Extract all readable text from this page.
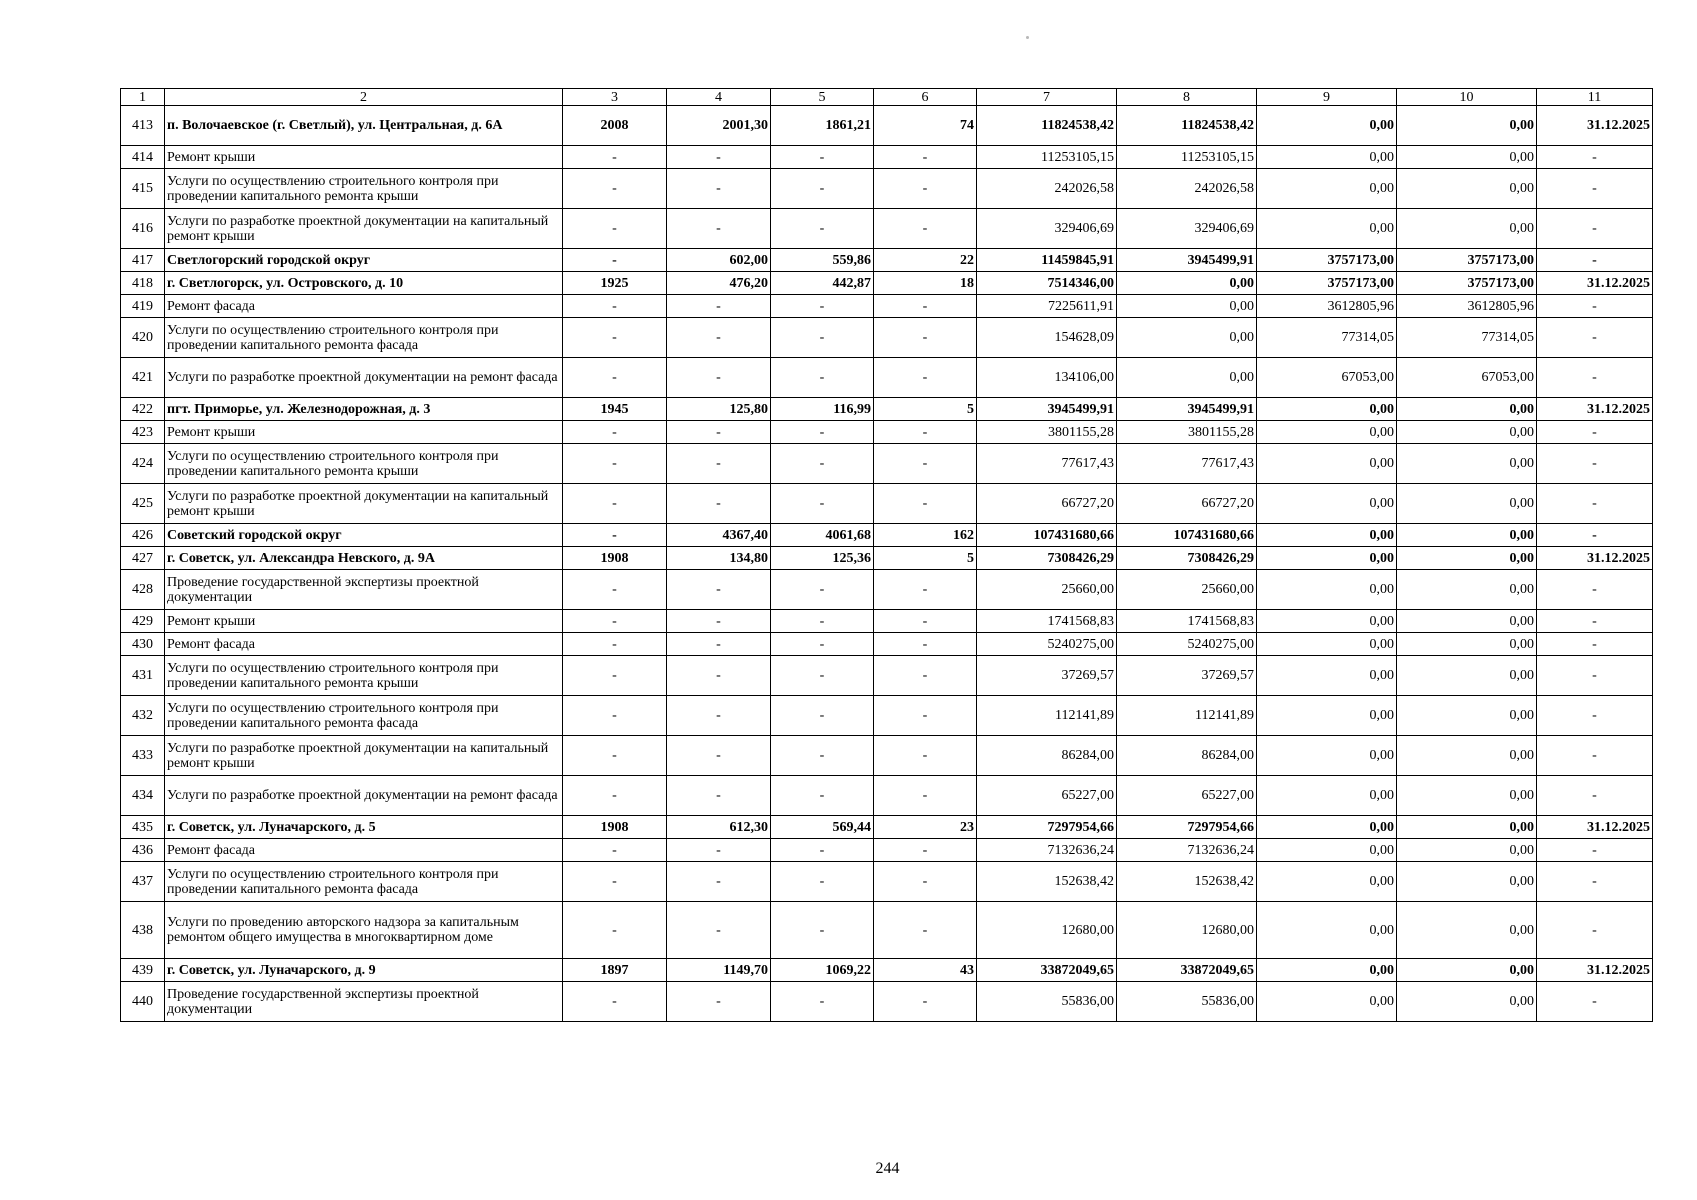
1	2	3	4	5	6	7	8	9	10	11
413	п. Волочаевское (г. Светлый), ул. Центральная, д. 6А	2008	2001,30	1861,21	74	11824538,42	11824538,42	0,00	0,00	31.12.2025
414	Ремонт крыши	-	-	-	-	11253105,15	11253105,15	0,00	0,00	-
415	Услуги по осуществлению строительного контроля при проведении капитального ремонта крыши	-	-	-	-	242026,58	242026,58	0,00	0,00	-
416	Услуги по разработке проектной документации на капитальный ремонт крыши	-	-	-	-	329406,69	329406,69	0,00	0,00	-
417	Светлогорский городской округ	-	602,00	559,86	22	11459845,91	3945499,91	3757173,00	3757173,00	-
418	г. Светлогорск, ул. Островского, д. 10	1925	476,20	442,87	18	7514346,00	0,00	3757173,00	3757173,00	31.12.2025
419	Ремонт фасада	-	-	-	-	7225611,91	0,00	3612805,96	3612805,96	-
420	Услуги по осуществлению строительного контроля при проведении капитального ремонта фасада	-	-	-	-	154628,09	0,00	77314,05	77314,05	-
421	Услуги по разработке проектной документации на ремонт фасада	-	-	-	-	134106,00	0,00	67053,00	67053,00	-
422	пгт. Приморье, ул. Железнодорожная, д. 3	1945	125,80	116,99	5	3945499,91	3945499,91	0,00	0,00	31.12.2025
423	Ремонт крыши	-	-	-	-	3801155,28	3801155,28	0,00	0,00	-
424	Услуги по осуществлению строительного контроля при проведении капитального ремонта крыши	-	-	-	-	77617,43	77617,43	0,00	0,00	-
425	Услуги по разработке проектной документации на капитальный ремонт крыши	-	-	-	-	66727,20	66727,20	0,00	0,00	-
426	Советский городской округ	-	4367,40	4061,68	162	107431680,66	107431680,66	0,00	0,00	-
427	г. Советск, ул. Александра Невского, д. 9А	1908	134,80	125,36	5	7308426,29	7308426,29	0,00	0,00	31.12.2025
428	Проведение государственной экспертизы проектной документации	-	-	-	-	25660,00	25660,00	0,00	0,00	-
429	Ремонт крыши	-	-	-	-	1741568,83	1741568,83	0,00	0,00	-
430	Ремонт фасада	-	-	-	-	5240275,00	5240275,00	0,00	0,00	-
431	Услуги по осуществлению строительного контроля при проведении капитального ремонта крыши	-	-	-	-	37269,57	37269,57	0,00	0,00	-
432	Услуги по осуществлению строительного контроля при проведении капитального ремонта фасада	-	-	-	-	112141,89	112141,89	0,00	0,00	-
433	Услуги по разработке проектной документации на капитальный ремонт крыши	-	-	-	-	86284,00	86284,00	0,00	0,00	-
434	Услуги по разработке проектной документации на ремонт фасада	-	-	-	-	65227,00	65227,00	0,00	0,00	-
435	г. Советск, ул. Луначарского, д. 5	1908	612,30	569,44	23	7297954,66	7297954,66	0,00	0,00	31.12.2025
436	Ремонт фасада	-	-	-	-	7132636,24	7132636,24	0,00	0,00	-
437	Услуги по осуществлению строительного контроля при проведении капитального ремонта фасада	-	-	-	-	152638,42	152638,42	0,00	0,00	-
438	Услуги по проведению авторского надзора за капитальным ремонтом общего имущества в многоквартирном доме	-	-	-	-	12680,00	12680,00	0,00	0,00	-
439	г. Советск, ул. Луначарского, д. 9	1897	1149,70	1069,22	43	33872049,65	33872049,65	0,00	0,00	31.12.2025
440	Проведение государственной экспертизы проектной документации	-	-	-	-	55836,00	55836,00	0,00	0,00	-
244
